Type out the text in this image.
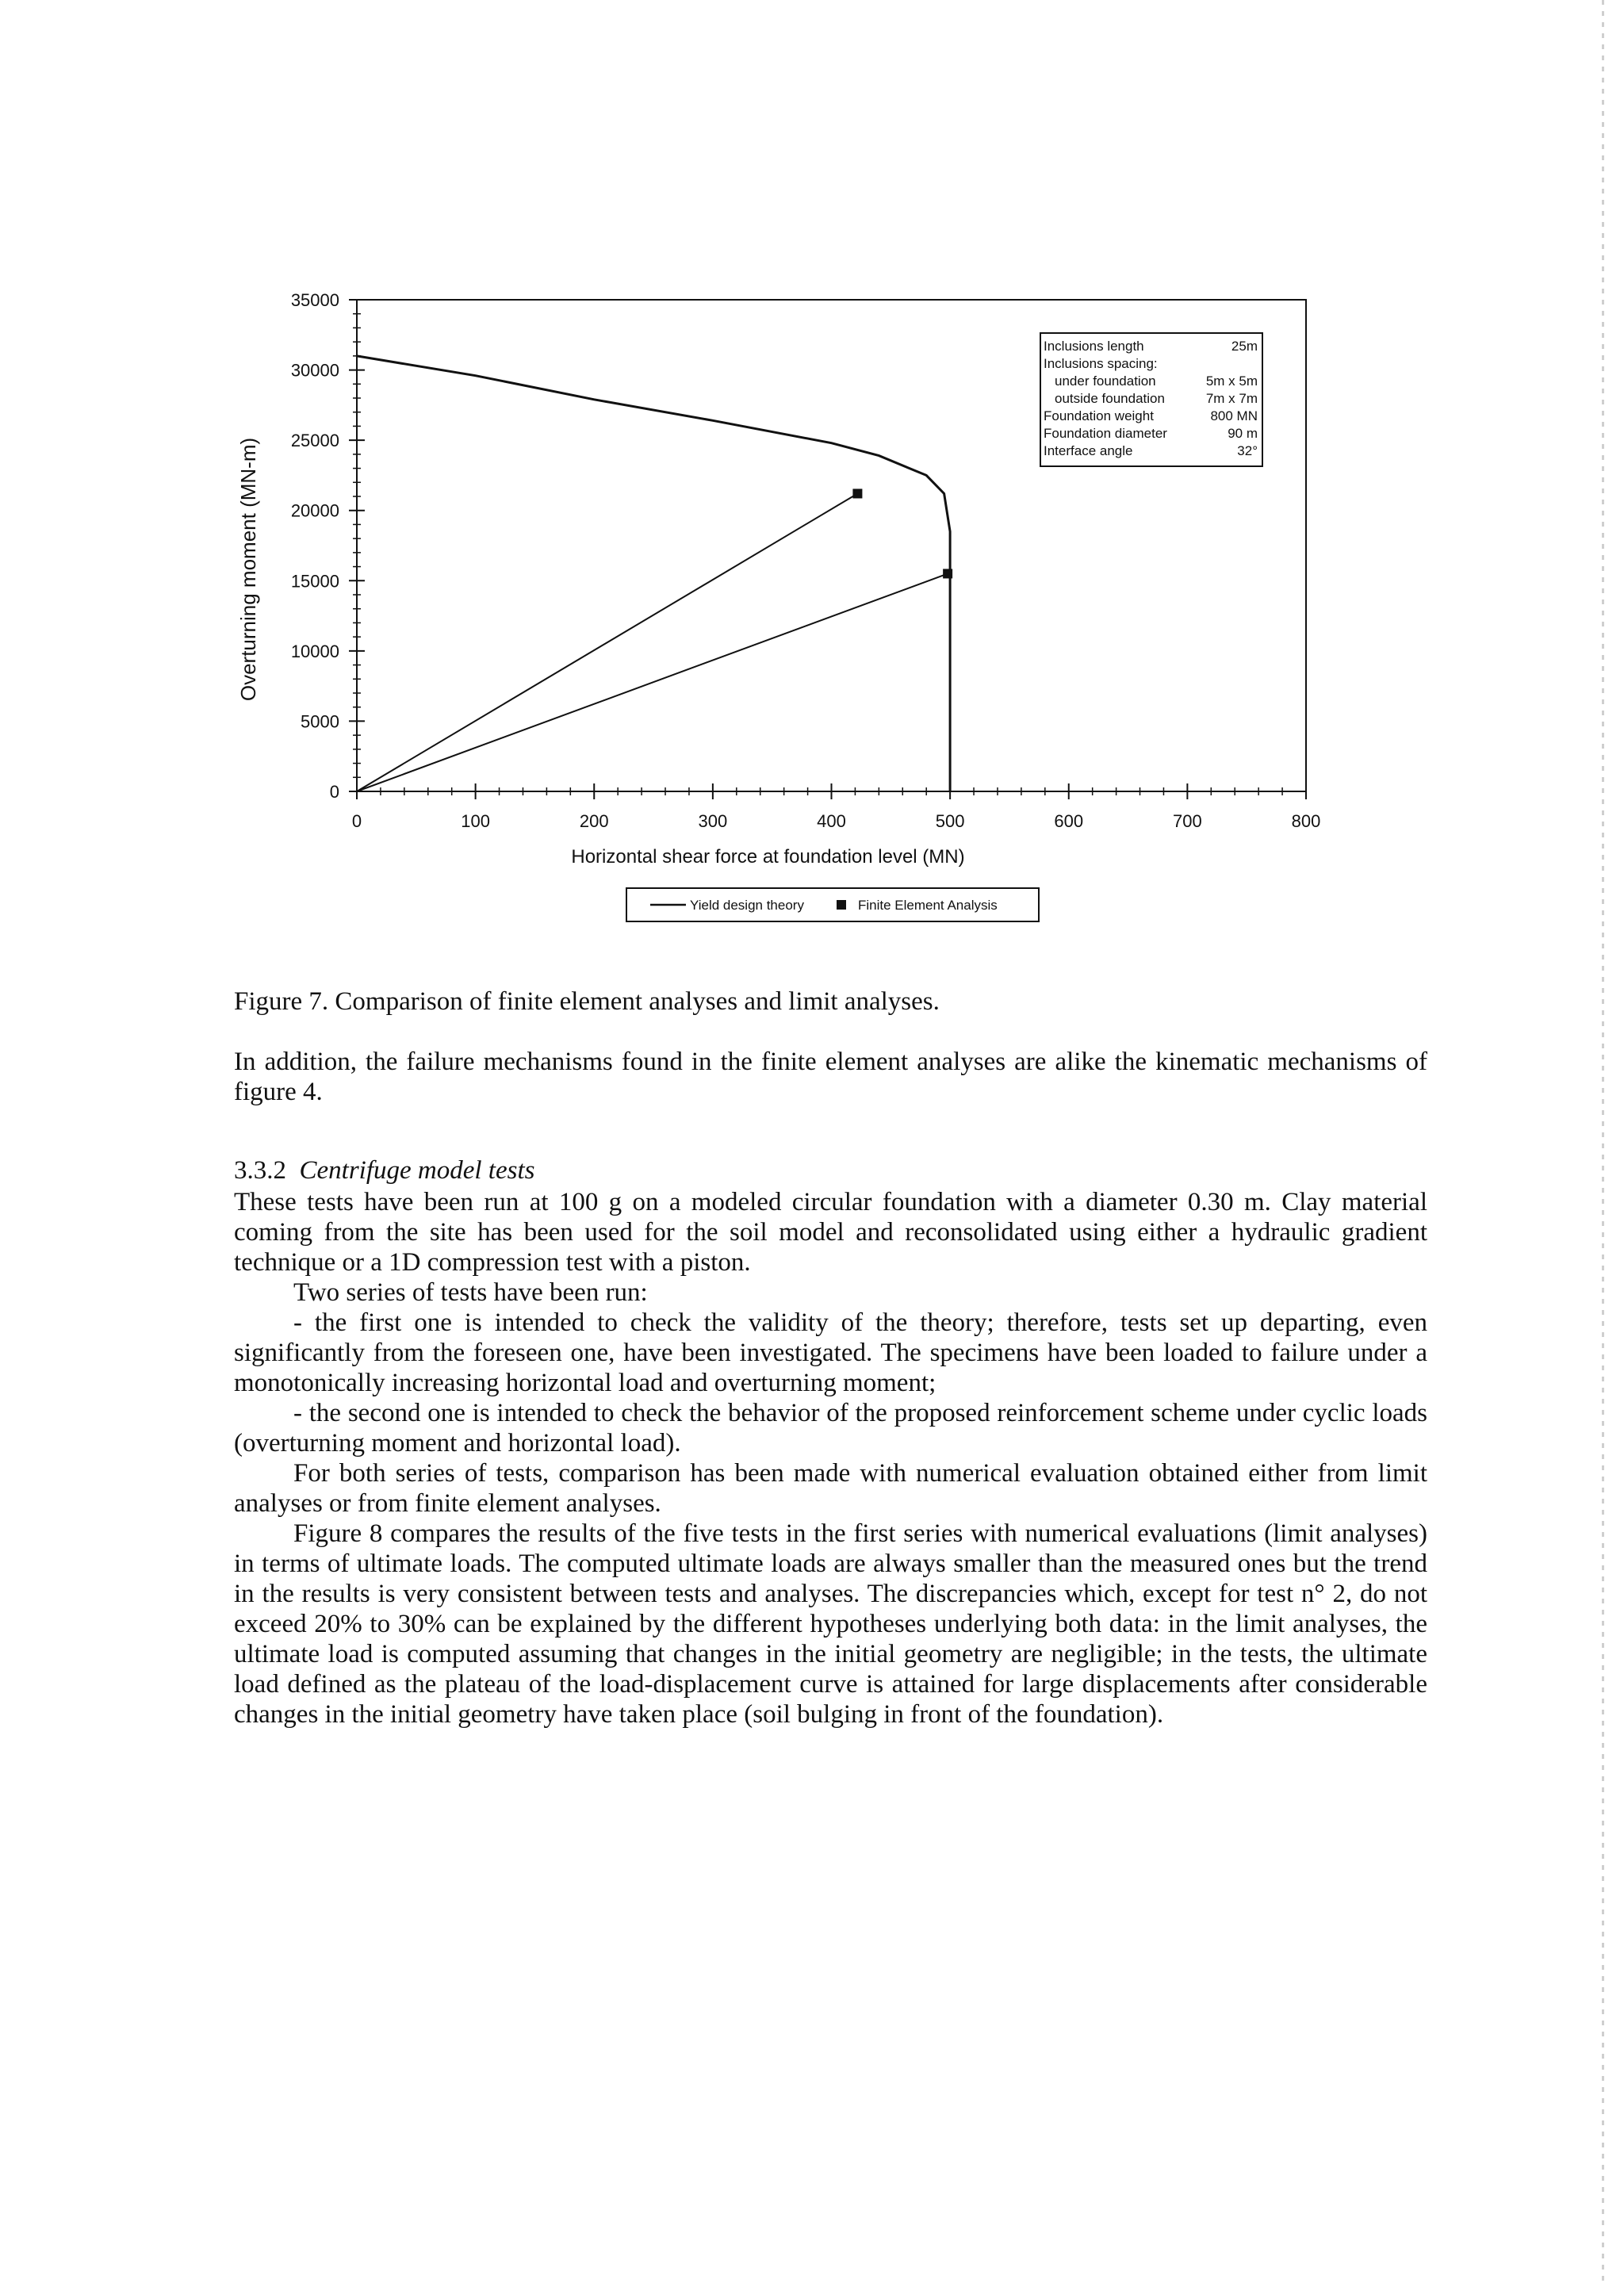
0
5000
10000
15000
20000
25000
30000
35000
0	100	200	300	400	500	600	700	800
Horizontal shear force at foundation level (MN)
Overturning moment (MN-m)
Inclusions length	25m
Inclusions spacing:
under foundation	5m x 5m
outside foundation	7m x 7m
Foundation weight	800 MN
Foundation diameter	90 m
Interface angle	32°
Yield design theory	Finite Element Analysis
Figure 7. Comparison of finite element analyses and limit analyses.
In addition, the failure mechanisms found in the finite element analyses are alike the kinematic mechanisms of figure 4.
3.3.2 Centrifuge model tests

These tests have been run at 100 g on a modeled circular foundation with a diameter 0.30 m. Clay material coming from the site has been used for the soil model and reconsolidated using either a hydraulic gradient technique or a 1D compression test with a piston.

Two series of tests have been run:

- the first one is intended to check the validity of the theory; therefore, tests set up departing, even significantly from the foreseen one, have been investigated. The specimens have been loaded to failure under a monotonically increasing horizontal load and overturning moment;

- the second one is intended to check the behavior of the proposed reinforcement scheme under cyclic loads (overturning moment and horizontal load).

For both series of tests, comparison has been made with numerical evaluation obtained either from limit analyses or from finite element analyses.

Figure 8 compares the results of the five tests in the first series with numerical evaluations (limit analyses) in terms of ultimate loads. The computed ultimate loads are always smaller than the measured ones but the trend in the results is very consistent between tests and analyses. The discrepancies which, except for test n° 2, do not exceed 20% to 30% can be explained by the different hypotheses underlying both data: in the limit analyses, the ultimate load is computed assuming that changes in the initial geometry are negligible; in the tests, the ultimate load defined as the plateau of the load-displacement curve is attained for large displacements after considerable changes in the initial geometry have taken place (soil bulging in front of the foundation).
